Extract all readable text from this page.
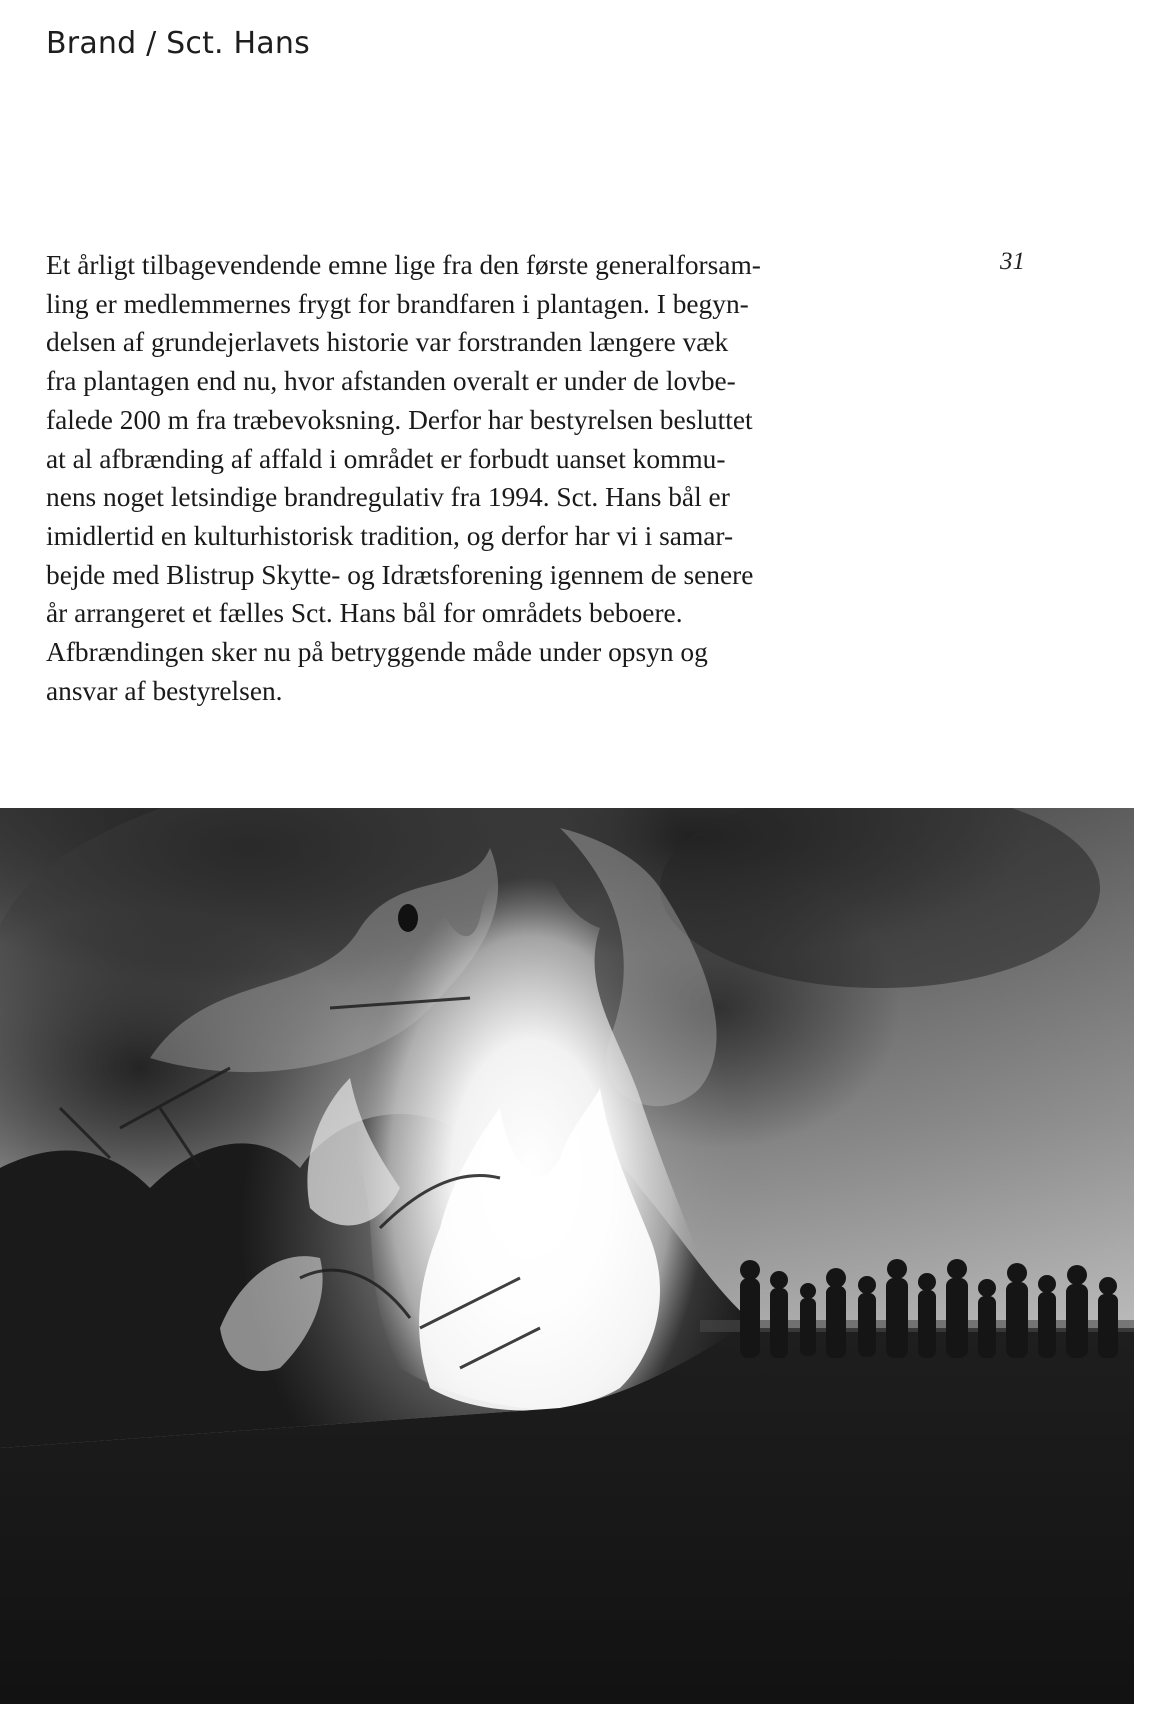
Brand / Sct. Hans
31

Et årligt tilbagevendende emne lige fra den første generalforsam-
ling er medlemmernes frygt for brandfaren i plantagen. I begyn-
delsen af grundejerlavets historie var forstranden længere væk
fra plantagen end nu, hvor afstanden overalt er under de lovbe-
falede 200 m fra træbevoksning. Derfor har bestyrelsen besluttet
at al afbrænding af affald i området er forbudt uanset kommu-
nens noget letsindige brandregulativ fra 1994. Sct. Hans bål er
imidlertid en kulturhistorisk tradition, og derfor har vi i samar-
bejde med Blistrup Skytte- og Idrætsforening igennem de senere
år arrangeret et fælles Sct. Hans bål for områdets beboere.
Afbrændingen sker nu på betryggende måde under opsyn og
ansvar af bestyrelsen.
